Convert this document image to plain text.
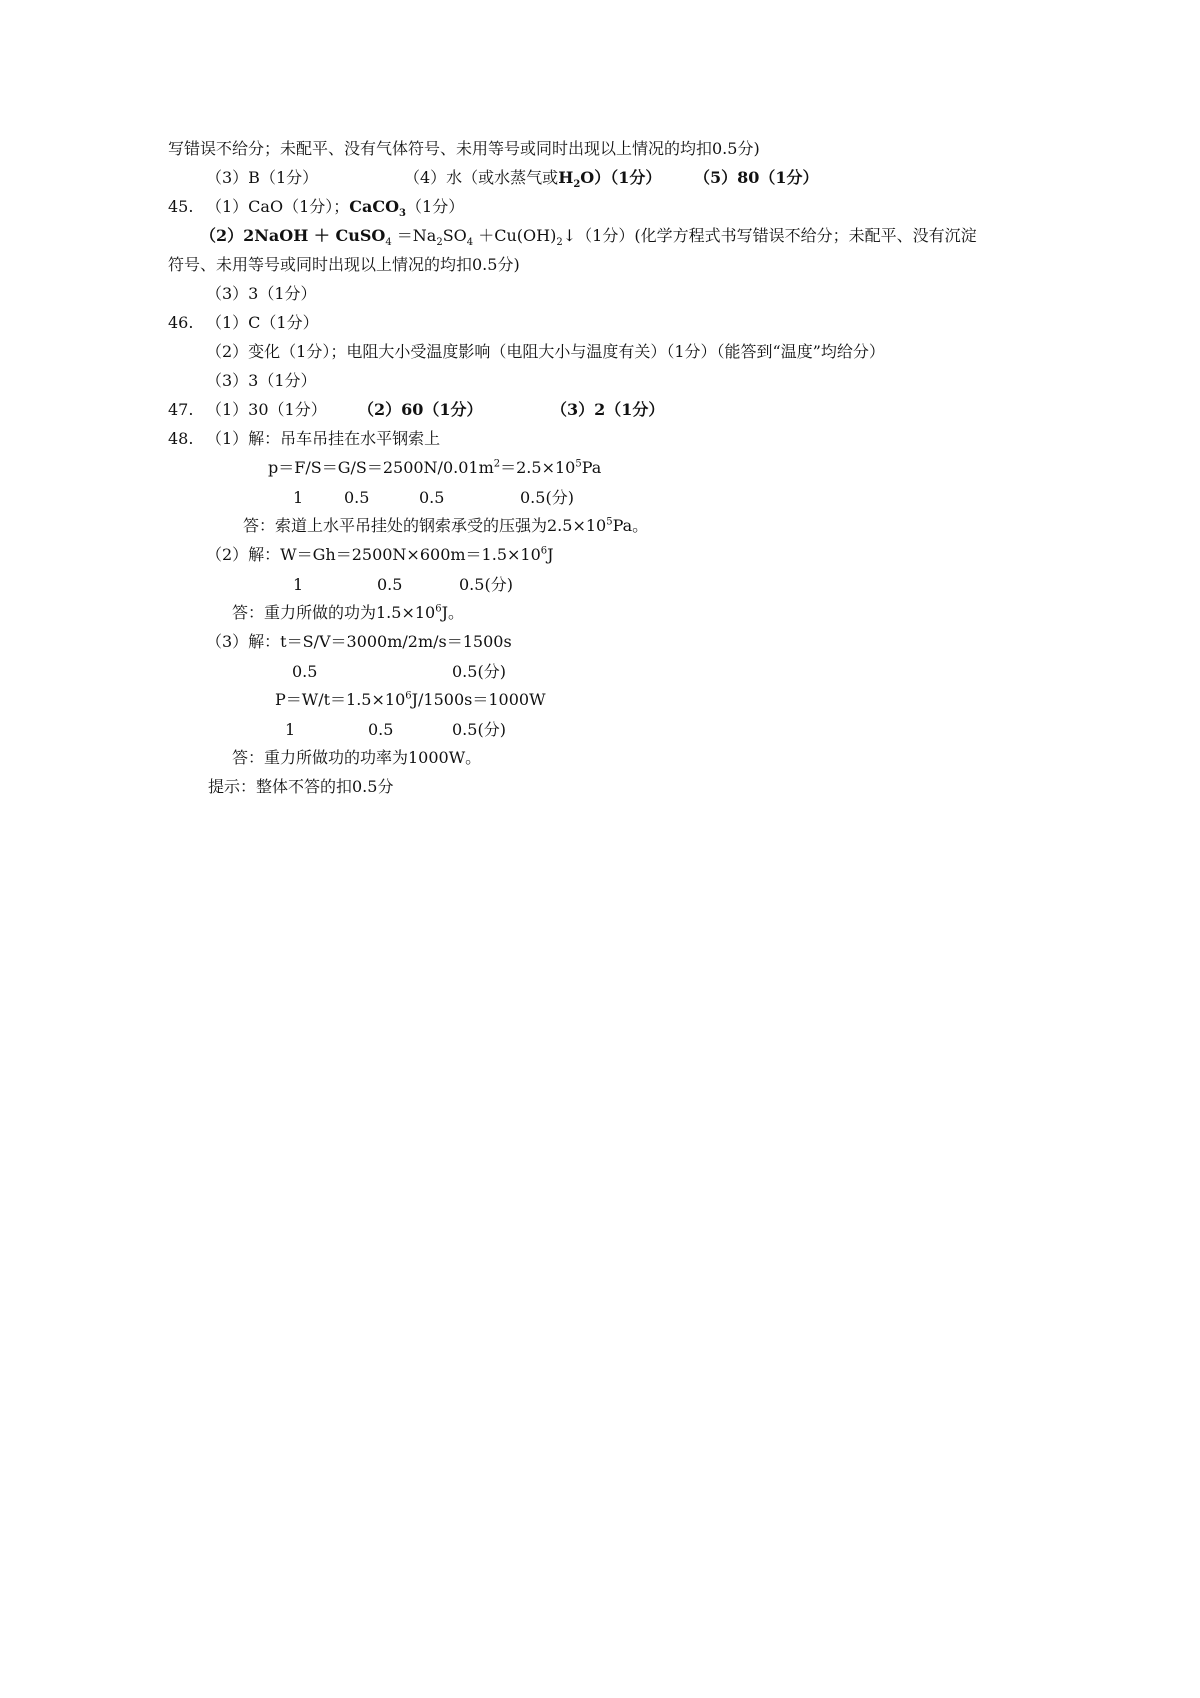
写错误不给分；未配平、没有气体符号、未用等号或同时出现以上情况的均扣0.5分)
（3）B（1分）	（4）水（或水蒸气或$H_2O)(1$分） （5）80（1分）
45. （1）CaO（1分）；CaCO$_3$（1分）
（2）2NaOH ＋ CuSO$_4$ $=Na_2SO_4$ $+Cu(OH)_2↓(1$分）(化学方程式书写错误不给分；未配平、没有沉淀
符号、未用等号或同时出现以上情况的均扣0.5分)
（3）3（1分）
46. （1）C（1分）
（2）变化（1分）；电阻大小受温度影响（电阻大小与温度有关）（1分）（能答到“温度”均给分）
（3）3（1分）
47. （1）30（1分） （2）60（1分）	（3）2（1分）
48. （1）解：吊车吊挂在水平钢索上
$p=F/S=G/S=2500N/0.01m^2=2.5\times 10^5Pa$
1	0.5	0.5	0.5(分)
答：索道上水平吊挂处的钢索承受的压强为$2.5\times 10^5Pa$。
（2）解：$W=Gh=2500N\times 600m=1.5\times 10^6J$
1	0.5	0.5(分)
答：重力所做的功为$1.5\times 10^6J$。
（3）解：t＝S/V＝3000m/2m/s＝1500s
0.5	0.5(分)
$P=W/t=1.5\times 10^6J/1500s=1000W$
1	0.5	0.5(分)
答：重力所做功的功率为1000W。
提示：整体不答的扣0.5分
